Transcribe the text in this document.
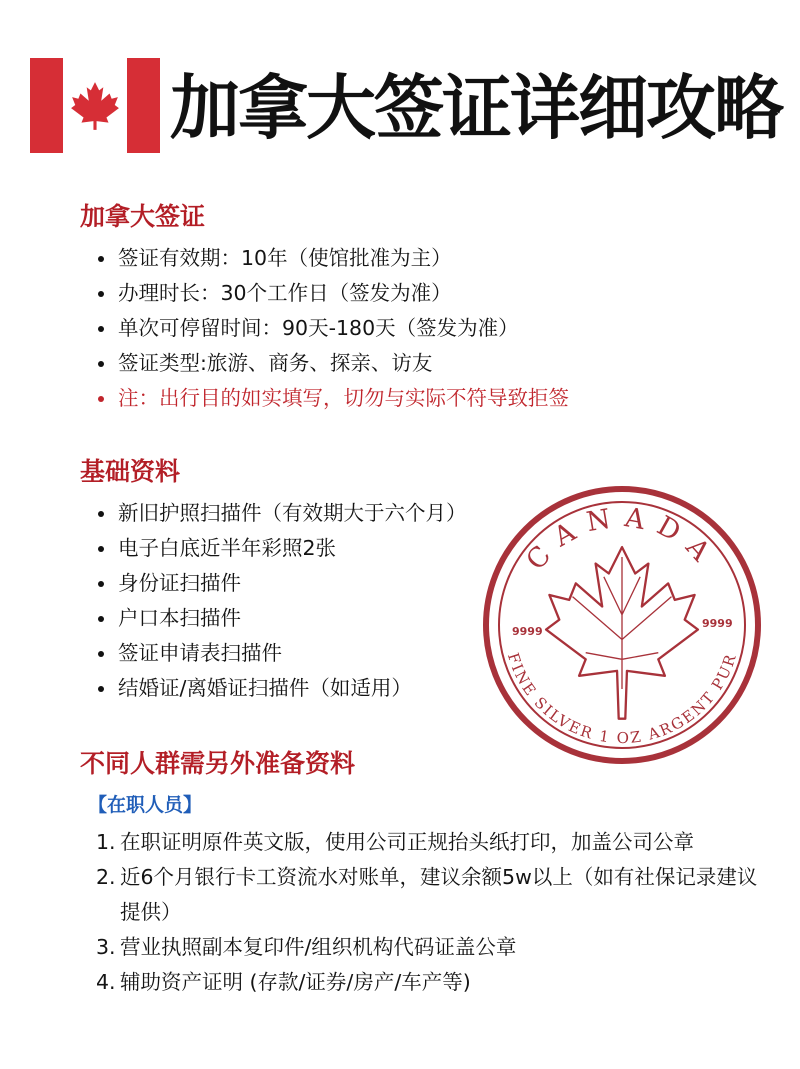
加拿大签证详细攻略
加拿大签证
签证有效期：10年（使馆批准为主）
办理时长：30个工作日（签发为准）
单次可停留时间：90天-180天（签发为准）
签证类型:旅游、商务、探亲、访友
注：出行目的如实填写，切勿与实际不符导致拒签
基础资料
新旧护照扫描件（有效期大于六个月）
电子白底近半年彩照2张
身份证扫描件
户口本扫描件
签证申请表扫描件
结婚证/离婚证扫描件（如适用）
不同人群需另外准备资料
【在职人员】
1. 在职证明原件英文版，使用公司正规抬头纸打印，加盖公司公章
2. 近6个月银行卡工资流水对账单，建议余额5w以上（如有社保记录建议提供）
3. 营业执照副本复印件/组织机构代码证盖公章
4. 辅助资产证明 (存款/证券/房产/车产等)
CANADA
FINE SILVER 1 OZ ARGENT PUR
9999
9999
